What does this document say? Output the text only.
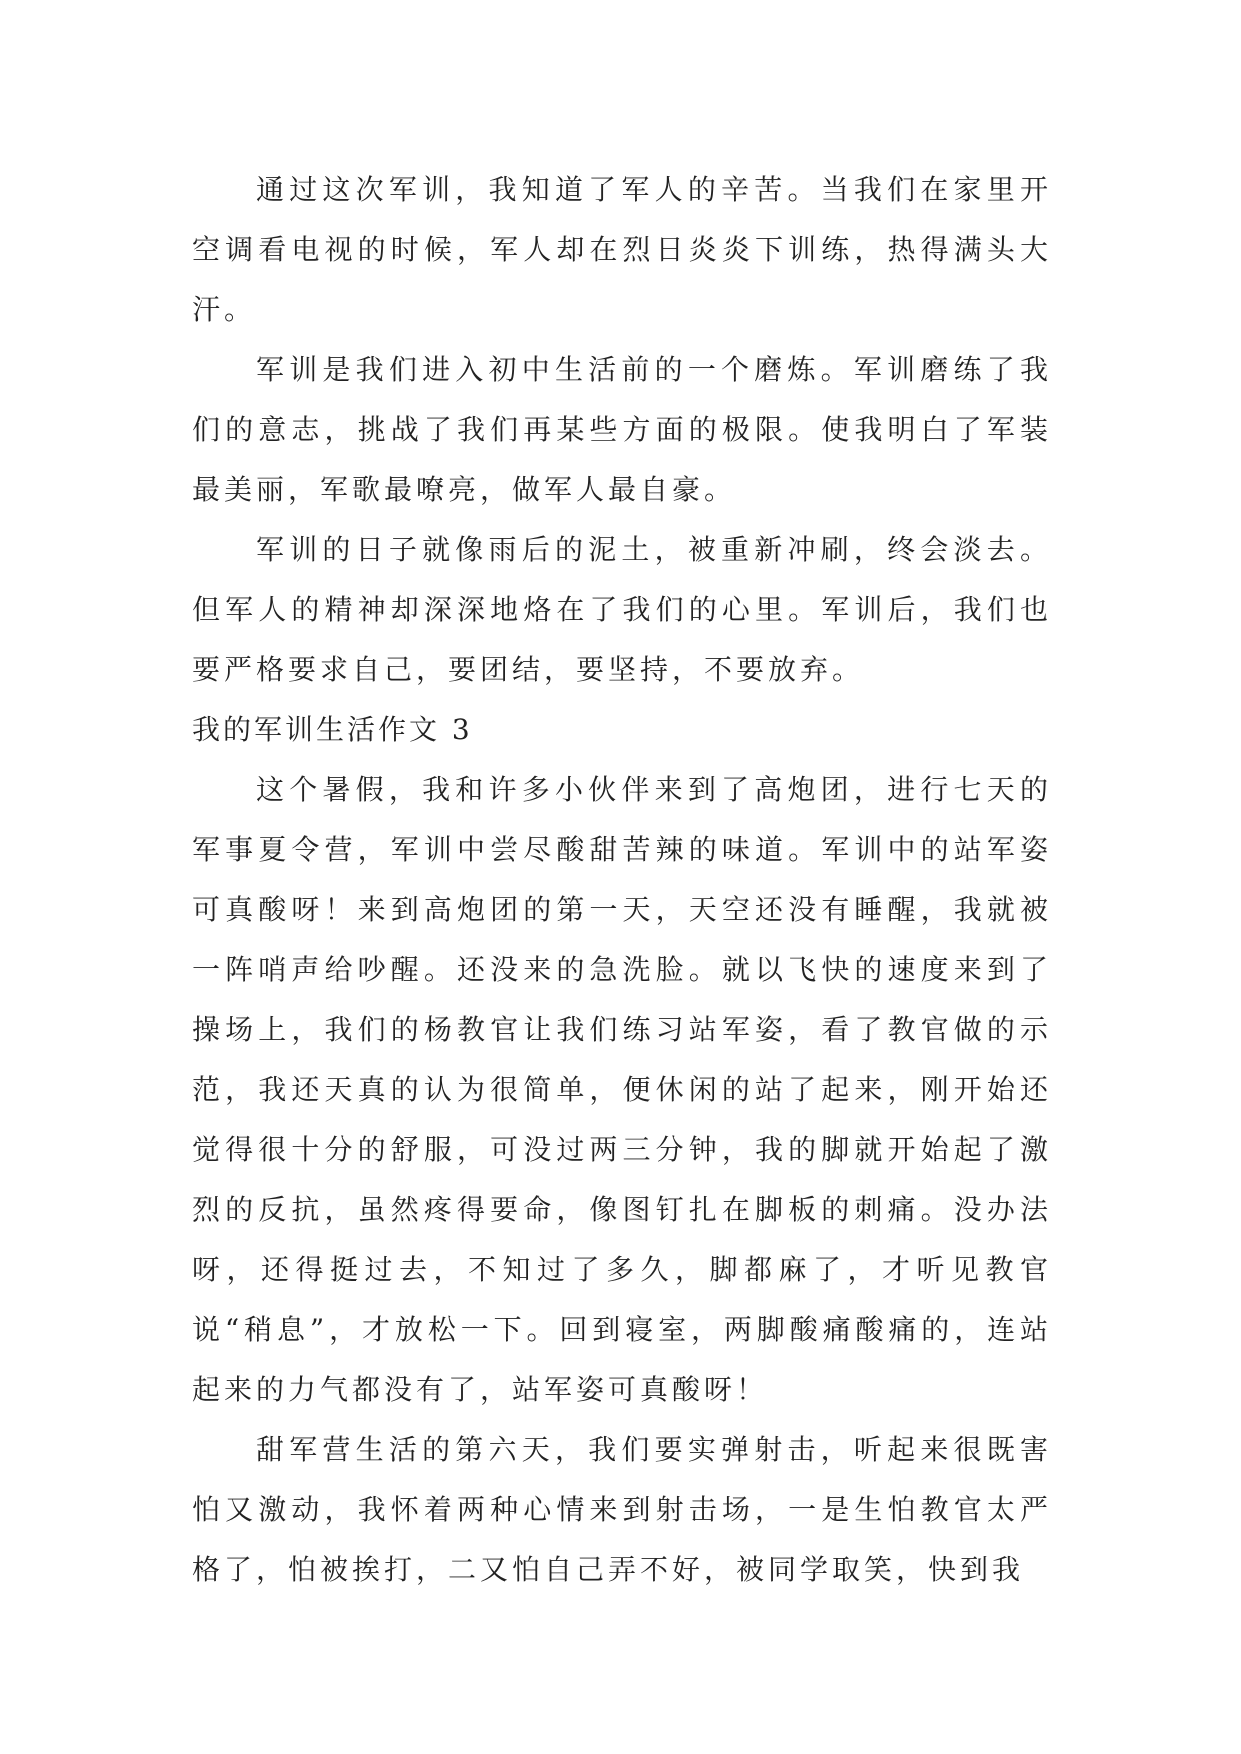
通过这次军训，我知道了军人的辛苦。当我们在家里开空调看电视的时候，军人却在烈日炎炎下训练，热得满头大汗。

军训是我们进入初中生活前的一个磨炼。军训磨练了我们的意志，挑战了我们再某些方面的极限。使我明白了军装最美丽，军歌最嘹亮，做军人最自豪。

军训的日子就像雨后的泥土，被重新冲刷，终会淡去。但军人的精神却深深地烙在了我们的心里。军训后，我们也要严格要求自己，要团结，要坚持，不要放弃。

我的军训生活作文 3

这个暑假，我和许多小伙伴来到了高炮团，进行七天的军事夏令营，军训中尝尽酸甜苦辣的味道。军训中的站军姿可真酸呀！来到高炮团的第一天，天空还没有睡醒，我就被一阵哨声给吵醒。还没来的急洗脸。就以飞快的速度来到了操场上，我们的杨教官让我们练习站军姿，看了教官做的示范，我还天真的认为很简单，便休闲的站了起来，刚开始还觉得很十分的舒服，可没过两三分钟，我的脚就开始起了激烈的反抗，虽然疼得要命，像图钉扎在脚板的刺痛。没办法呀，还得挺过去，不知过了多久，脚都麻了，才听见教官说“稍息”，才放松一下。回到寝室，两脚酸痛酸痛的，连站起来的力气都没有了，站军姿可真酸呀！

甜军营生活的第六天，我们要实弹射击，听起来很既害怕又激动，我怀着两种心情来到射击场，一是生怕教官太严格了，怕被挨打，二又怕自己弄不好，被同学取笑，快到我
